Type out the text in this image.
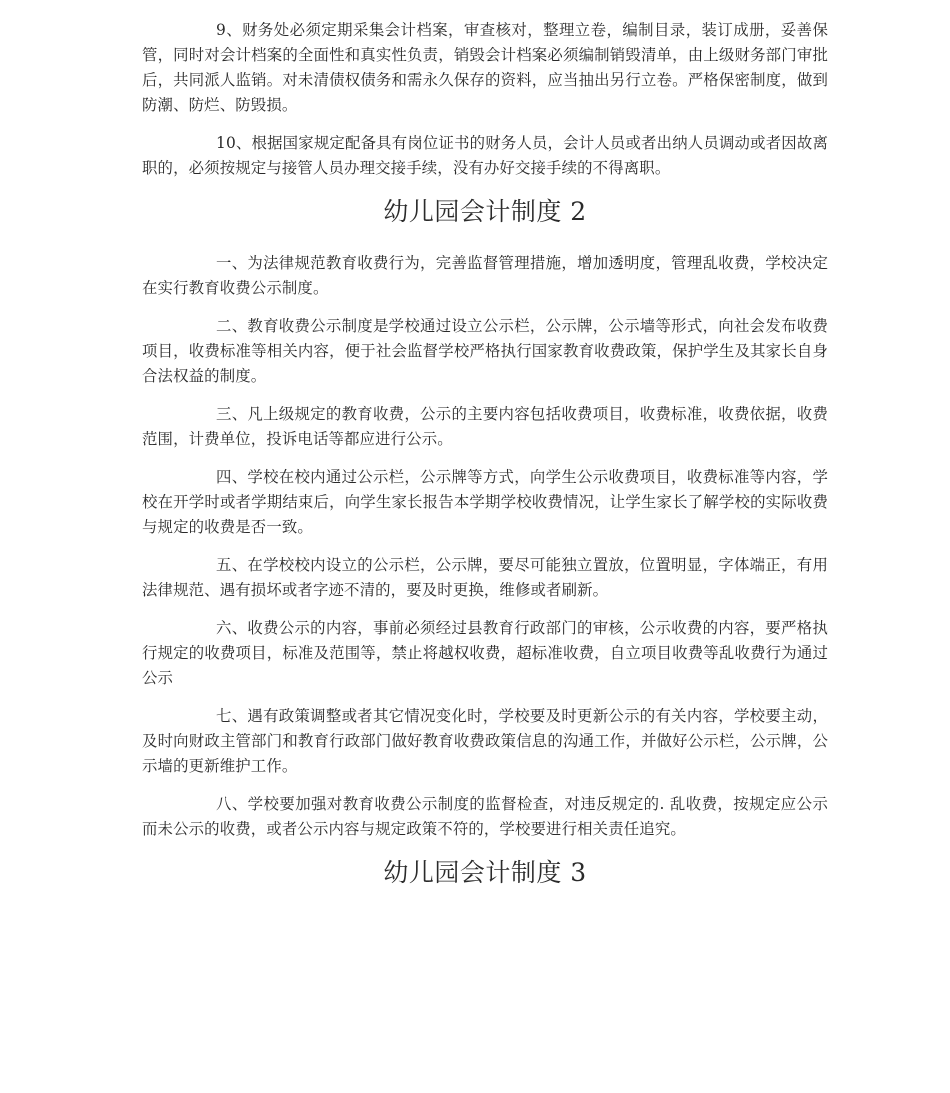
9、财务处必须定期采集会计档案，审查核对，整理立卷，编制目录，装订成册，妥善保管，同时对会计档案的全面性和真实性负责，销毁会计档案必须编制销毁清单，由上级财务部门审批后，共同派人监销。对未清债权债务和需永久保存的资料，应当抽出另行立卷。严格保密制度，做到防潮、防烂、防毁损。

10、根据国家规定配备具有岗位证书的财务人员，会计人员或者出纳人员调动或者因故离职的，必须按规定与接管人员办理交接手续，没有办好交接手续的不得离职。

幼儿园会计制度 2

一、为法律规范教育收费行为，完善监督管理措施，增加透明度，管理乱收费，学校决定在实行教育收费公示制度。

二、教育收费公示制度是学校通过设立公示栏，公示牌，公示墙等形式，向社会发布收费项目，收费标准等相关内容，便于社会监督学校严格执行国家教育收费政策，保护学生及其家长自身合法权益的制度。

三、凡上级规定的教育收费，公示的主要内容包括收费项目，收费标准，收费依据，收费范围，计费单位，投诉电话等都应进行公示。

四、学校在校内通过公示栏，公示牌等方式，向学生公示收费项目，收费标准等内容，学校在开学时或者学期结束后，向学生家长报告本学期学校收费情况，让学生家长了解学校的实际收费与规定的收费是否一致。

五、在学校校内设立的公示栏，公示牌，要尽可能独立置放，位置明显，字体端正，有用法律规范、遇有损坏或者字迹不清的，要及时更换，维修或者刷新。

六、收费公示的内容，事前必须经过县教育行政部门的审核，公示收费的内容，要严格执行规定的收费项目，标准及范围等，禁止将越权收费，超标准收费，自立项目收费等乱收费行为通过公示

七、遇有政策调整或者其它情况变化时，学校要及时更新公示的有关内容，学校要主动，及时向财政主管部门和教育行政部门做好教育收费政策信息的沟通工作，并做好公示栏，公示牌，公示墙的更新维护工作。

八、学校要加强对教育收费公示制度的监督检查，对违反规定的. 乱收费，按规定应公示而未公示的收费，或者公示内容与规定政策不符的，学校要进行相关责任追究。

幼儿园会计制度 3
